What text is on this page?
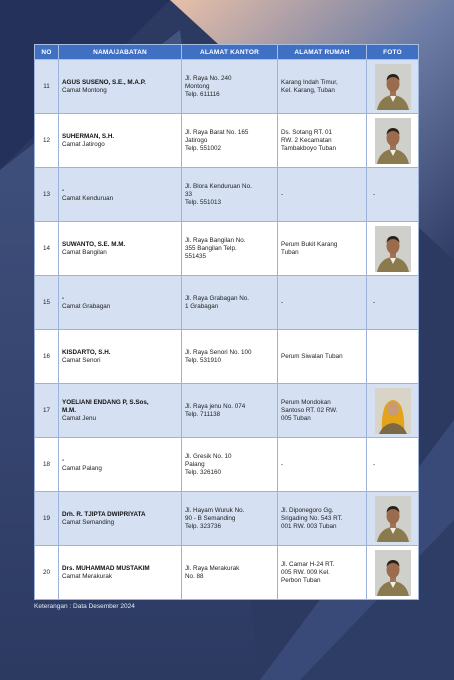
NO	NAMA/JABATAN	ALAMAT KANTOR	ALAMAT RUMAH	FOTO
11	AGUS SUSENO, S.E., M.A.P.
Camat Montong	Jl. Raya No. 240
Montong
Telp. 611116	Karang Indah Timur,
Kel. Karang, Tuban	

12	SUHERMAN, S.H.
Camat Jatirogo	Jl. Raya Barat No. 165
Jatirogo
Telp. 551002	Ds. Sotang RT. 01
RW. 2 Kecamatan
Tambakboyo Tuban	

13	-
Camat Kenduruan	Jl. Blora Kenduruan No.
33
Telp. 551013	-	-
14	SUWANTO, S.E. M.M.
Camat Bangilan	Jl. Raya Bangilan No.
355 Bangilan Telp.
551435	Perum Bukit Karang
Tuban	

15	-
Camat Grabagan	Jl. Raya Grabagan No.
1 Grabagan	-	-
16	KISDARTO, S.H.
Camat Senori	Jl. Raya Senori No. 100
Telp. 531910	Perum Siwalan Tuban	
17	YOELIANI ENDANG P, S.Sos,
M.M.
Camat Jenu	Jl. Raya jenu No. 074
Telp. 711138	Perum Mondokan
Santoso RT. 02 RW.
005 Tuban	

18	-
Camat Palang	Jl. Gresik No. 10
Palang
Telp. 326160	-	-
19	Drh. R. TJIPTA DWIPRIYATA
Camat Semanding	Jl. Hayam Wuruk No.
90 - B Semanding
Telp. 323736	Jl. Diponegoro Gg.
Srigading No. 543 RT.
001 RW. 003 Tuban	

20	Drs. MUHAMMAD MUSTAKIM
Camat Merakurak	Jl. Raya Merakurak
No. 88	Jl. Camar H-24 RT.
005 RW. 009 Kel.
Perbon Tuban	
Keterangan : Data Desember 2024
